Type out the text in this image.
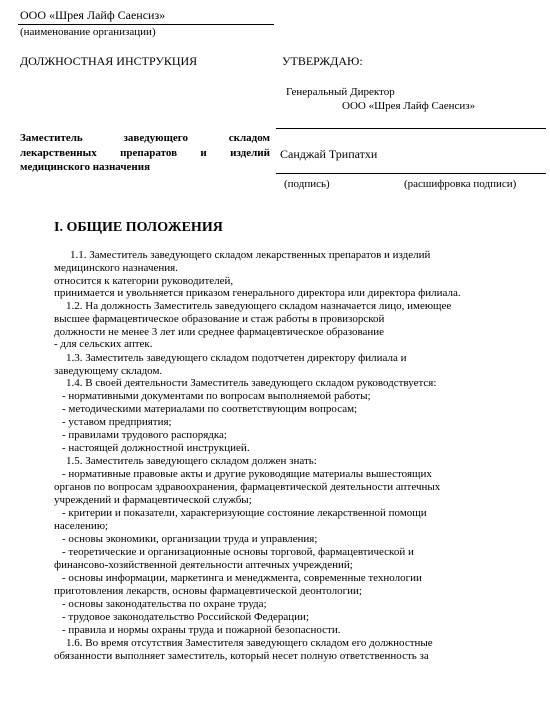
ООО «Шрея Лайф Саенсиз»
(наименование организации)
ДОЛЖНОСТНАЯ ИНСТРУКЦИЯ	УТВЕРЖДАЮ:
Генеральный Директор
ООО «Шрея Лайф Саенсиз»
Заместитель	заведующего	складом
лекарственных препаратов и изделий
медицинского назначения
Санджай Трипатхи
(подпись)	(расшифровка подписи)
I. ОБЩИЕ ПОЛОЖЕНИЯ
1.1. Заместитель заведующего складом лекарственных препаратов и изделий
медицинского назначения.
относится к категории руководителей,
принимается и увольняется приказом генерального директора или директора филиала.
1.2. На должность Заместитель заведующего складом назначается лицо, имеющее
высшее фармацевтическое образование и стаж работы в провизорской
должности не менее 3 лет или среднее фармацевтическое образование
- для сельских аптек.
1.3. Заместитель заведующего складом подотчетен директору филиала и
заведующему складом.
1.4. В своей деятельности Заместитель заведующего складом руководствуется:
- нормативными документами по вопросам выполняемой работы;
- методическими материалами по соответствующим вопросам;
- уставом предприятия;
- правилами трудового распорядка;
- настоящей должностной инструкцией.
1.5. Заместитель заведующего складом должен знать:
- нормативные правовые акты и другие руководящие материалы вышестоящих
органов по вопросам здравоохранения, фармацевтической деятельности аптечных
учреждений и фармацевтической службы;
- критерии и показатели, характеризующие состояние лекарственной помощи
населению;
- основы экономики, организации труда и управления;
- теоретические и организационные основы торговой, фармацевтической и
финансово-хозяйственной деятельности аптечных учреждений;
- основы информации, маркетинга и менеджмента, современные технологии
приготовления лекарств, основы фармацевтической деонтологии;
- основы законодательства по охране труда;
- трудовое законодательство Российской Федерации;
- правила и нормы охраны труда и пожарной безопасности.
1.6. Во время отсутствия Заместителя заведующего складом его должностные
обязанности выполняет заместитель, который несет полную ответственность за
